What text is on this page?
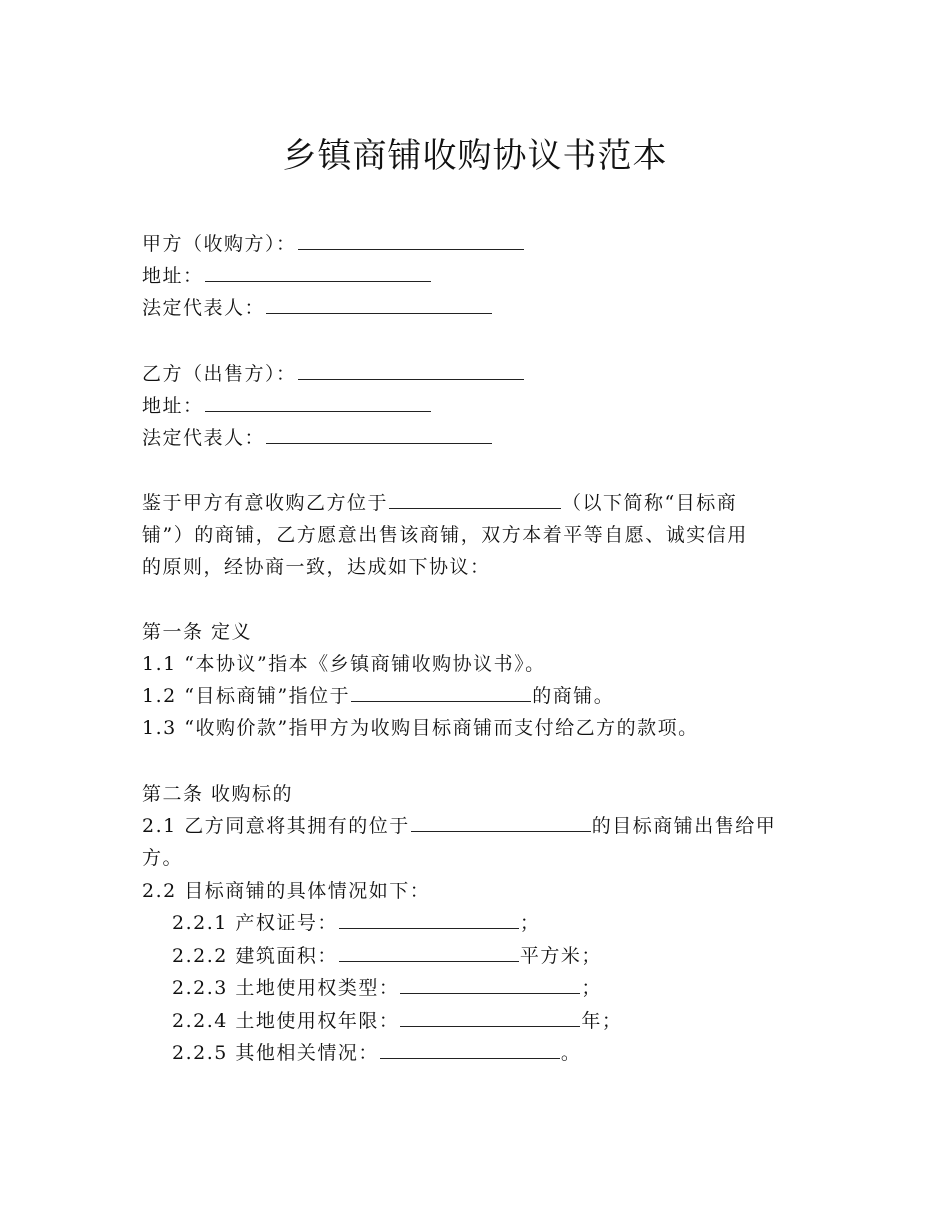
乡镇商铺收购协议书范本
甲方（收购方）：
地址：
法定代表人：
乙方（出售方）：
地址：
法定代表人：
鉴于甲方有意收购乙方位于	（以下简称“目标商
铺”）的商铺，乙方愿意出售该商铺，双方本着平等自愿、诚实信用
的原则，经协商一致，达成如下协议：
第一条 定义
1.1 “本协议”指本《乡镇商铺收购协议书》。
1.2 “目标商铺”指位于	的商铺。
1.3 “收购价款”指甲方为收购目标商铺而支付给乙方的款项。
第二条 收购标的
2.1 乙方同意将其拥有的位于	的目标商铺出售给甲
方。
2.2 目标商铺的具体情况如下：
2.2.1 产权证号：	；
2.2.2 建筑面积：	平方米；
2.2.3 土地使用权类型：	；
2.2.4 土地使用权年限：	年；
2.2.5 其他相关情况：	。
